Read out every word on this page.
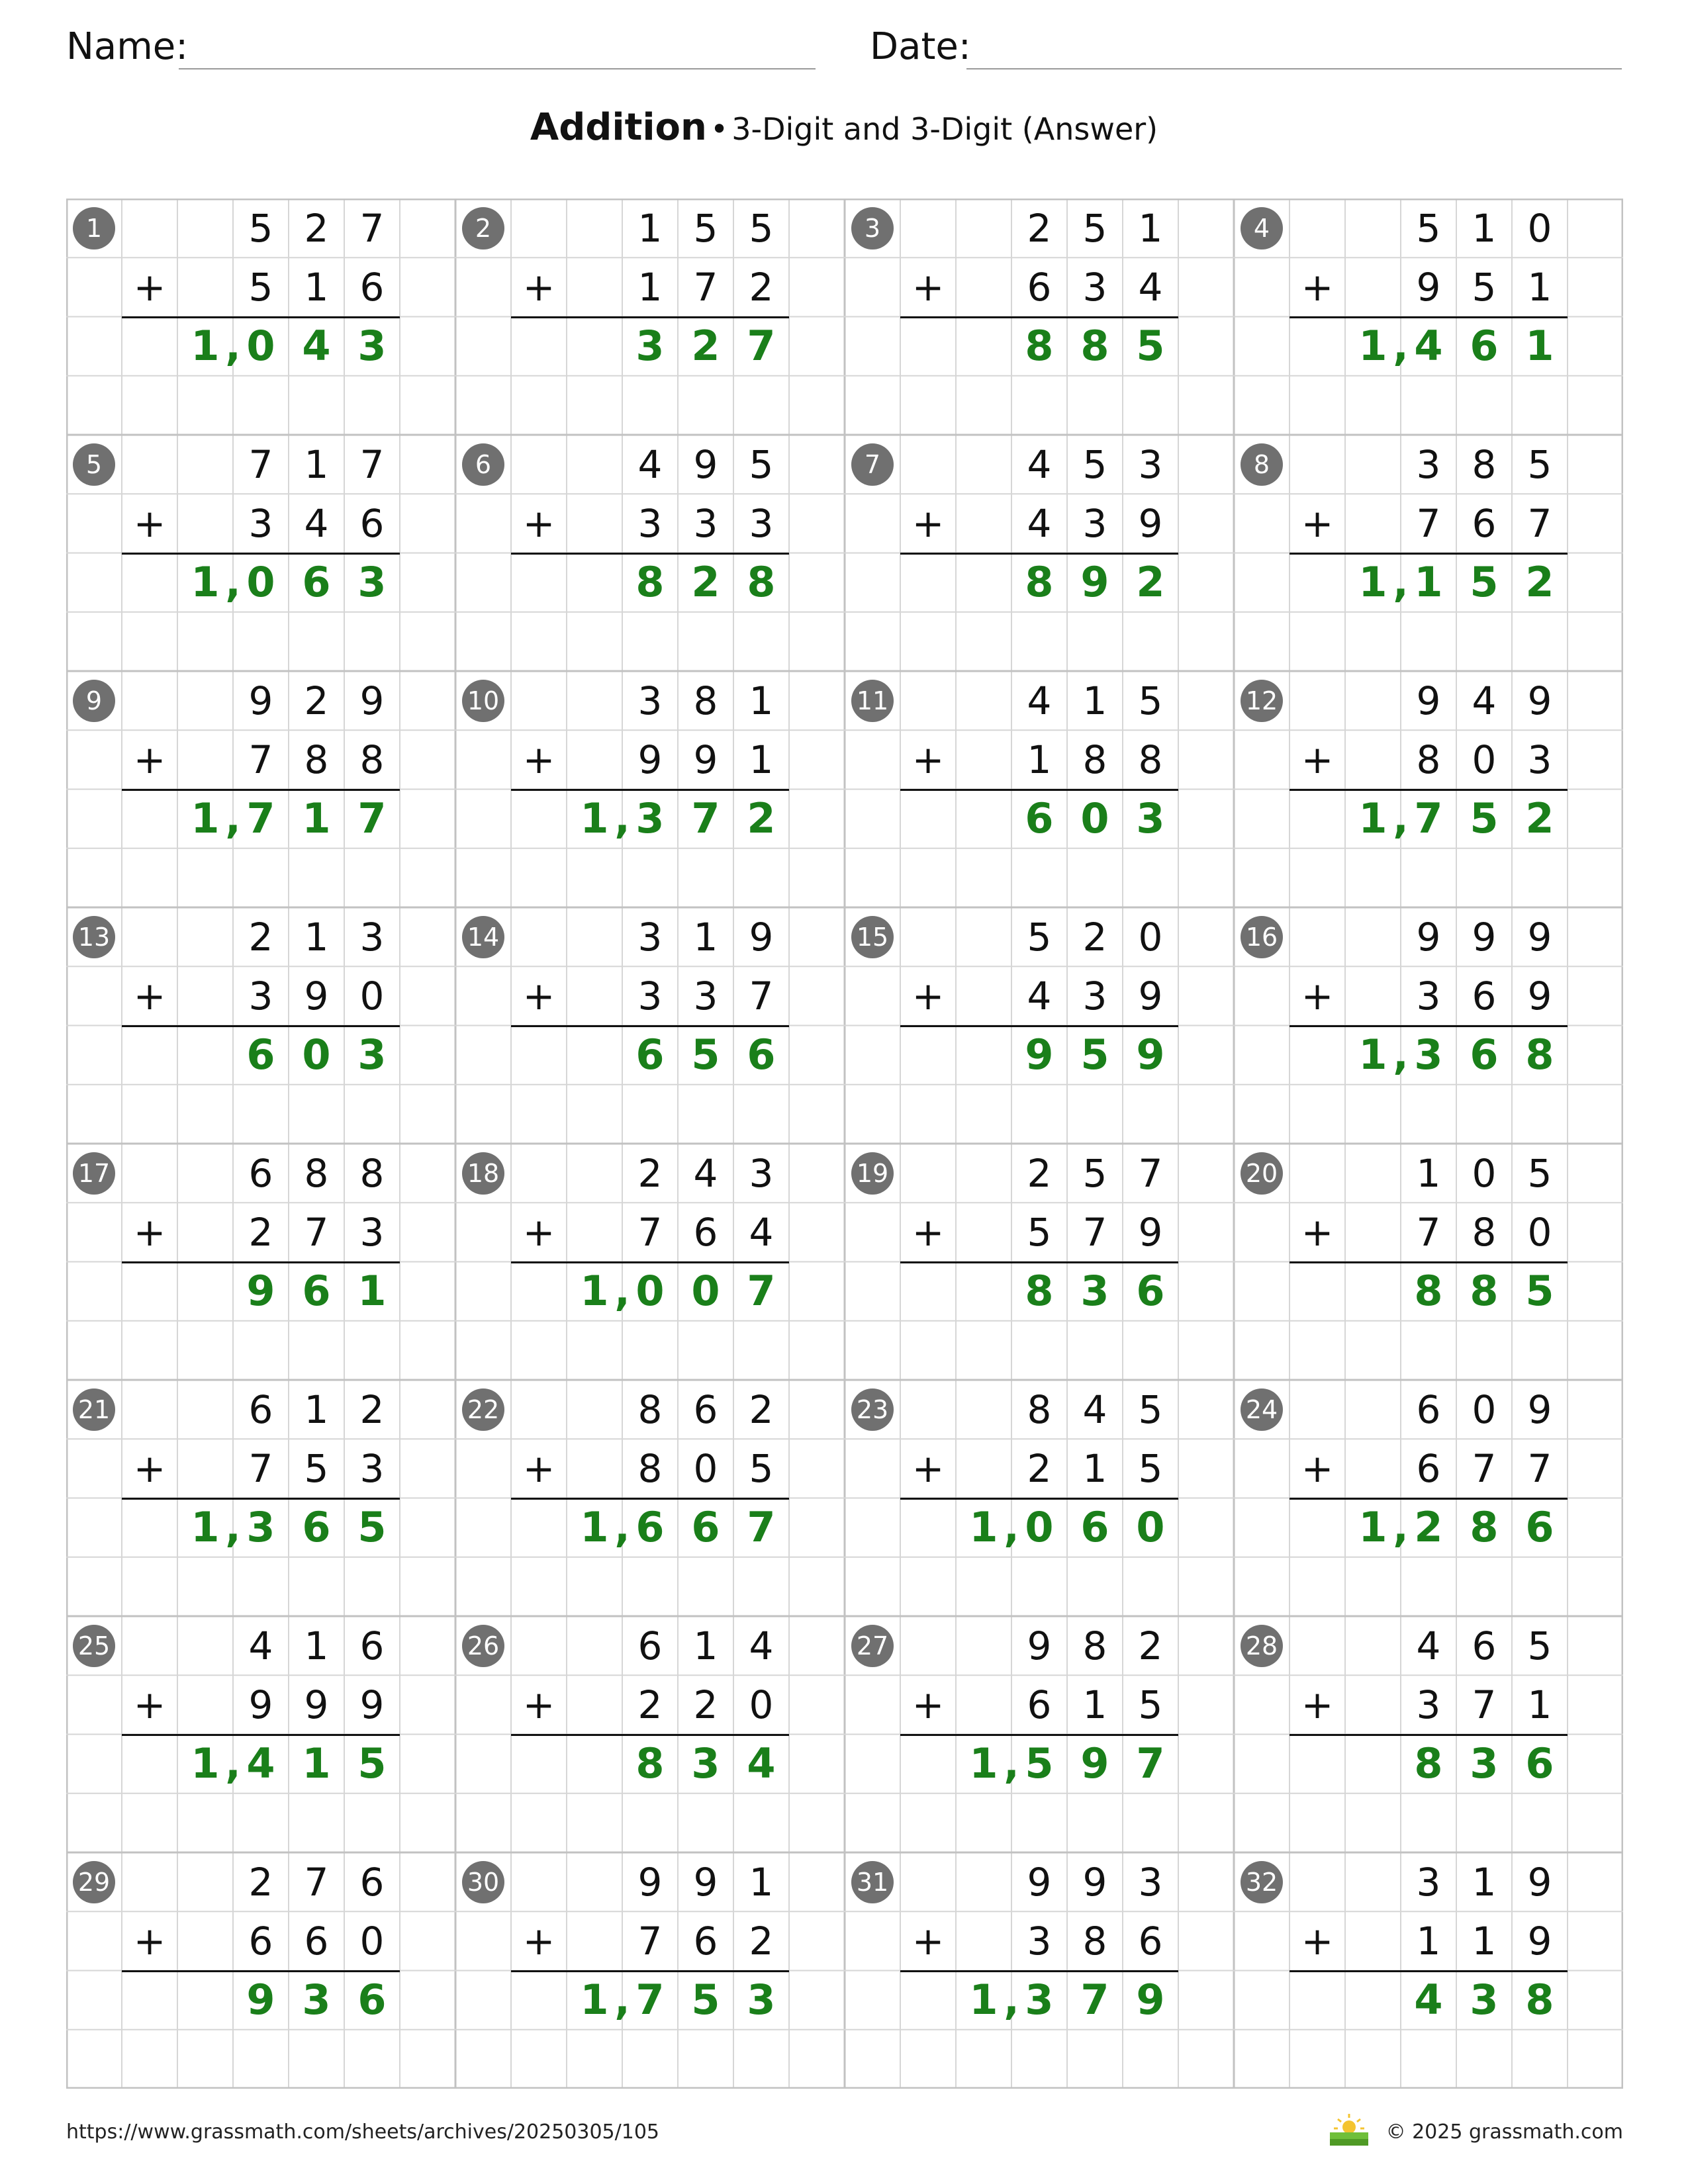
Name:	Date:
Addition • 3-Digit and 3-Digit (Answer)
1	5 2 7
+	5 1 6
1 0 4 3
,
2	1 5 5
+	1 7 2
3 2 7
3	2 5 1
+	6 3 4
8 8 5
4	5 1 0
+	9 5 1
1 4 6 1
,
5	7 1 7
+	3 4 6
1 0 6 3
,
6	4 9 5
+	3 3 3
8 2 8
7	4 5 3
+	4 3 9
8 9 2
8	3 8 5
+	7 6 7
1 1 5 2
,
9	9 2 9
+	7 8 8
1 7 1 7
,
10	3 8 1
+	9 9 1
1 3 7 2
,
11	4 1 5
+	1 8 8
6 0 3
12	9 4 9
+	8 0 3
1 7 5 2
,
13	2 1 3
+	3 9 0
6 0 3
14	3 1 9
+	3 3 7
6 5 6
15	5 2 0
+	4 3 9
9 5 9
16	9 9 9
+	3 6 9
1 3 6 8
,
17	6 8 8
+	2 7 3
9 6 1
18	2 4 3
+	7 6 4
1 0 0 7
,
19	2 5 7
+	5 7 9
8 3 6
20	1 0 5
+	7 8 0
8 8 5
21	6 1 2
+	7 5 3
1 3 6 5
,
22	8 6 2
+	8 0 5
1 6 6 7
,
23	8 4 5
+	2 1 5
1 0 6 0
,
24	6 0 9
+	6 7 7
1 2 8 6
,
25	4 1 6
+	9 9 9
1 4 1 5
,
26	6 1 4
+	2 2 0
8 3 4
27	9 8 2
+	6 1 5
1 5 9 7
,
28	4 6 5
+	3 7 1
8 3 6
29	2 7 6
+	6 6 0
9 3 6
30	9 9 1
+	7 6 2
1 7 5 3
,
31	9 9 3
+	3 8 6
1 3 7 9
,
32	3 1 9
+	1 1 9
4 3 8
https://www.grassmath.com/sheets/archives/20250305/105	© 2025 grassmath.com
